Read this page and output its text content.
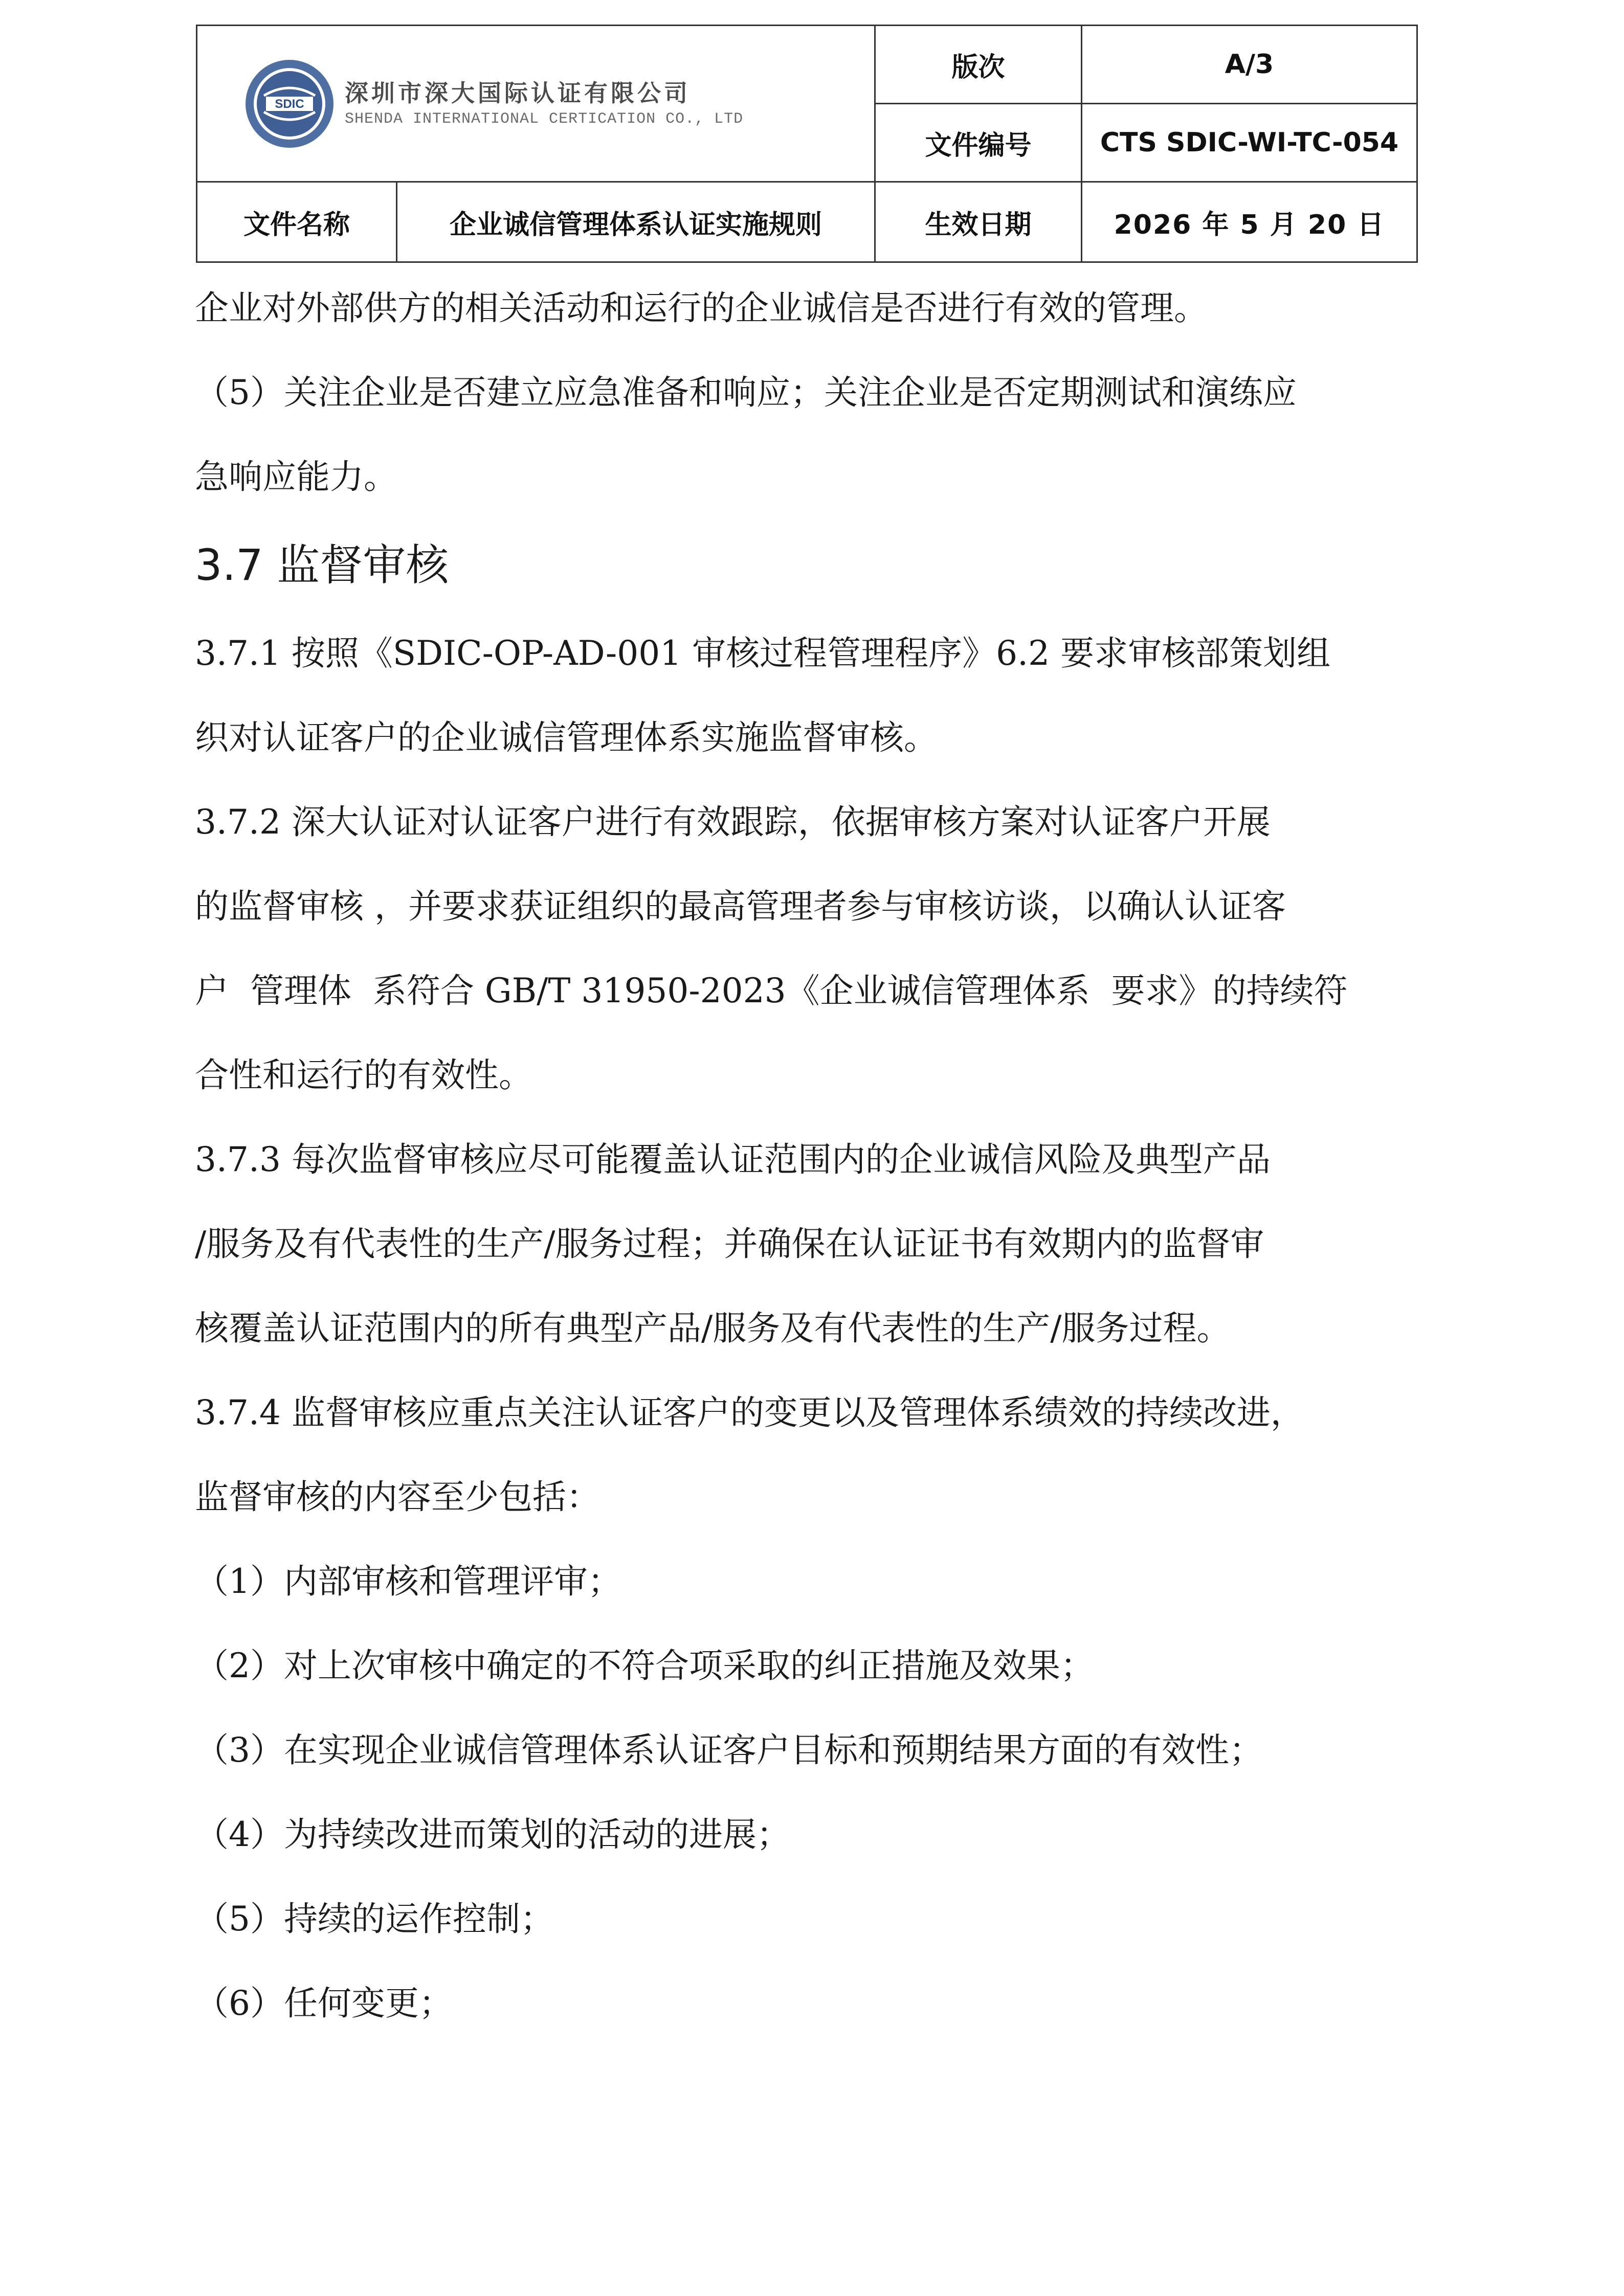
SDIC 深圳市深大国际认证有限公司
SHENDA INTERNATIONAL CERTICATION CO., LTD		版次	A/3
		文件编号	CTS SDIC-WI-TC-054
文件名称	企业诚信管理体系认证实施规则	生效日期	2026 年 5 月 20 日

企业对外部供方的相关活动和运行的企业诚信是否进行有效的管理。

（5）关注企业是否建立应急准备和响应；关注企业是否定期测试和演练应

急响应能力。

3.7 监督审核

3.7.1 按照《SDIC-OP-AD-001 审核过程管理程序》6.2 要求审核部策划组

织对认证客户的企业诚信管理体系实施监督审核。

3.7.2 深大认证对认证客户进行有效跟踪，依据审核方案对认证客户开展

的监督审核 ，并要求获证组织的最高管理者参与审核访谈，以确认认证客

户  管理体  系符合 GB/T 31950-2023《企业诚信管理体系  要求》的持续符

合性和运行的有效性。

3.7.3 每次监督审核应尽可能覆盖认证范围内的企业诚信风险及典型产品

/服务及有代表性的生产/服务过程；并确保在认证证书有效期内的监督审

核覆盖认证范围内的所有典型产品/服务及有代表性的生产/服务过程。

3.7.4 监督审核应重点关注认证客户的变更以及管理体系绩效的持续改进，

监督审核的内容至少包括：

（1）内部审核和管理评审；

（2）对上次审核中确定的不符合项采取的纠正措施及效果；

（3）在实现企业诚信管理体系认证客户目标和预期结果方面的有效性；

（4）为持续改进而策划的活动的进展；

（5）持续的运作控制；

（6）任何变更；
